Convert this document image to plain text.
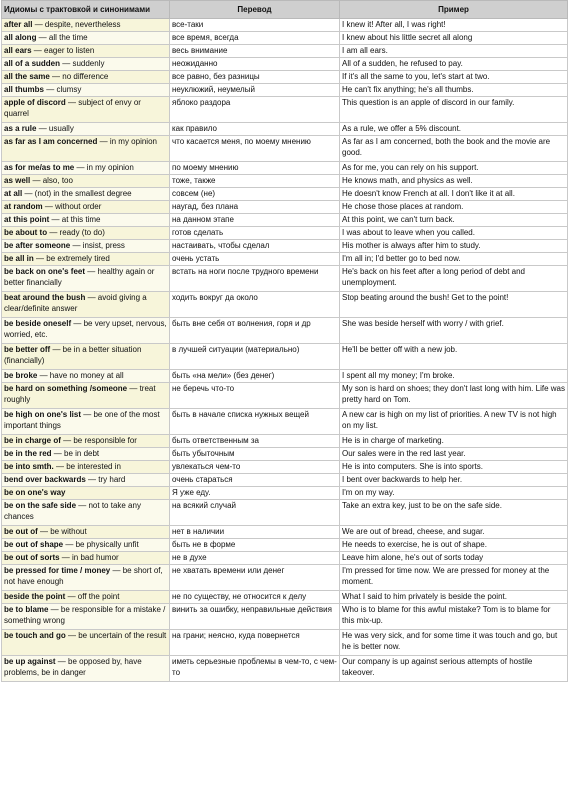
Идиомы с трактовкой и синонимами	Перевод	Пример
after all — despite, nevertheless	все-таки	I knew it! After all, I was right!
all along — all the time	все время, всегда	I knew about his little secret all along
all ears — eager to listen	весь внимание	I am all ears.
all of a sudden — suddenly	неожиданно	All of a sudden, he refused to pay.
all the same — no difference	все равно, без разницы	If it's all the same to you, let's start at two.
all thumbs — clumsy	неуклюжий, неумелый	He can't fix anything; he's all thumbs.
apple of discord — subject of envy or quarrel	яблоко раздора	This question is an apple of discord in our family.
as a rule — usually	как правило	As a rule, we offer a 5% discount.
as far as I am concerned — in my opinion	что касается меня, по моему мнению	As far as I am concerned, both the book and the movie are good.
as for me/as to me — in my opinion	по моему мнению	As for me, you can rely on his support.
as well — also, too	тоже, также	He knows math, and physics as well.
at all — (not) in the smallest degree	совсем (не)	He doesn't know French at all. I don't like it at all.
at random — without order	наугад, без плана	He chose those places at random.
at this point — at this time	на данном этапе	At this point, we can't turn back.
be about to — ready (to do)	готов сделать	I was about to leave when you called.
be after someone — insist, press	настаивать, чтобы сделал	His mother is always after him to study.
be all in — be extremely tired	очень устать	I'm all in; I'd better go to bed now.
be back on one's feet — healthy again or better financially	встать на ноги после трудного времени	He's back on his feet after a long period of debt and unemployment.
beat around the bush — avoid giving a clear/definite answer	ходить вокруг да около	Stop beating around the bush! Get to the point!
be beside oneself — be very upset, nervous, worried, etc.	быть вне себя от волнения, горя и др	She was beside herself with worry / with grief.
be better off — be in a better situation (financially)	в лучшей ситуации (материально)	He'll be better off with a new job.
be broke — have no money at all	быть «на мели» (без денег)	I spent all my money; I'm broke.
be hard on something /someone — treat roughly	не беречь что-то	My son is hard on shoes; they don't last long with him. Life was pretty hard on Tom.
be high on one's list — be one of the most important things	быть в начале списка нужных вещей	A new car is high on my list of priorities. A new TV is not high on my list.
be in charge of — be responsible for	быть ответственным за	He is in charge of marketing.
be in the red — be in debt	быть убыточным	Our sales were in the red last year.
be into smth. — be interested in	увлекаться чем-то	He is into computers. She is into sports.
bend over backwards — try hard	очень стараться	I bent over backwards to help her.
be on one's way	Я уже еду.	I'm on my way.
be on the safe side — not to take any chances	на всякий случай	Take an extra key, just to be on the safe side.
be out of — be without	нет в наличии	We are out of bread, cheese, and sugar.
be out of shape — be physically unfit	быть не в форме	He needs to exercise, he is out of shape.
be out of sorts — in bad humor	не в духе	Leave him alone, he's out of sorts today
be pressed for time / money — be short of, not have enough	не хватать времени или денег	I'm pressed for time now. We are pressed for money at the moment.
beside the point — off the point	не по существу, не относится к делу	What I said to him privately is beside the point.
be to blame — be responsible for a mistake / something wrong	винить за ошибку, неправильные действия	Who is to blame for this awful mistake? Tom is to blame for this mix-up.
be touch and go — be uncertain of the result	на грани; неясно, куда повернется	He was very sick, and for some time it was touch and go, but he is better now.
be up against — be opposed by, have problems, be in danger	иметь серьезные проблемы в чем-то, с чем-то	Our company is up against serious attempts of hostile takeover.
